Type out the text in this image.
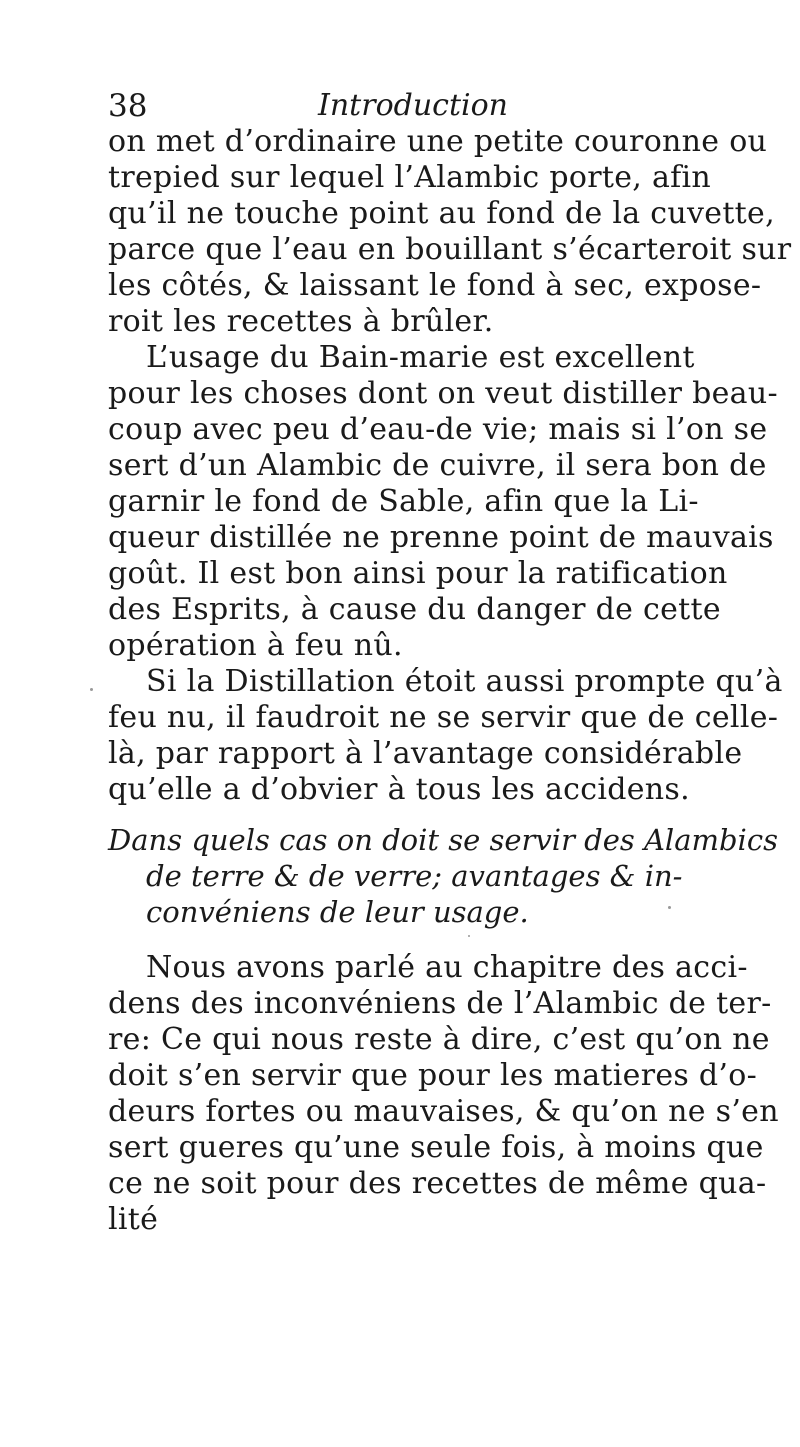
38	Introduction
on met d’ordinaire une petite couronne ou
trepied sur lequel l’Alambic porte, afin
qu’il ne touche point au fond de la cuvette,
parce que l’eau en bouillant s’écarteroit sur
les côtés, & laissant le fond à sec, expose-
roit les recettes à brûler.
L’usage du Bain-marie est excellent
pour les choses dont on veut distiller beau-
coup avec peu d’eau-de vie; mais si l’on se
sert d’un Alambic de cuivre, il sera bon de
garnir le fond de Sable, afin que la Li-
queur distillée ne prenne point de mauvais
goût. Il est bon ainsi pour la ratification
des Esprits, à cause du danger de cette
opération à feu nû.
Si la Distillation étoit aussi prompte qu’à
feu nu, il faudroit ne se servir que de celle-
là, par rapport à l’avantage considérable
qu’elle a d’obvier à tous les accidens.
Dans quels cas on doit se servir des Alambics
de terre & de verre; avantages & in-
convéniens de leur usage.
Nous avons parlé au chapitre des acci-
dens des inconvéniens de l’Alambic de ter-
re: Ce qui nous reste à dire, c’est qu’on ne
doit s’en servir que pour les matieres d’o-
deurs fortes ou mauvaises, & qu’on ne s’en
sert gueres qu’une seule fois, à moins que
ce ne soit pour des recettes de même qua-
lité
